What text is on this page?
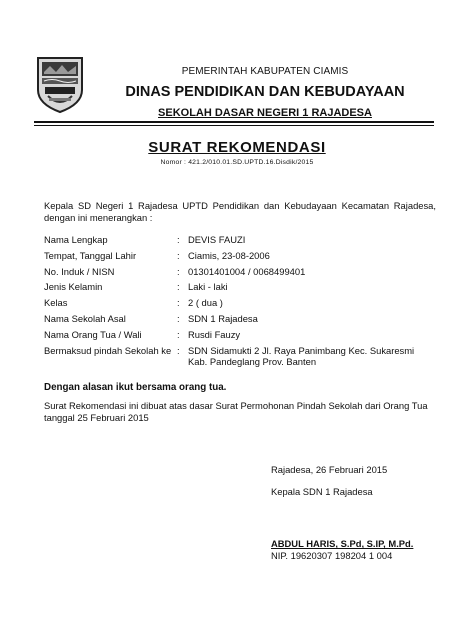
PEMERINTAH KABUPATEN CIAMIS
DINAS PENDIDIKAN DAN KEBUDAYAAN
SEKOLAH DASAR NEGERI 1 RAJADESA
SURAT REKOMENDASI
Nomor : 421.2/010.01.SD.UPTD.16.Disdik/2015
Kepala SD Negeri 1 Rajadesa UPTD Pendidikan dan Kebudayaan Kecamatan Rajadesa, dengan ini menerangkan :
Nama Lengkap	: DEVIS FAUZI
Tempat, Tanggal Lahir	: Ciamis, 23-08-2006
No. Induk / NISN	: 01301401004 / 0068499401
Jenis Kelamin	: Laki - laki
Kelas	: 2 ( dua )
Nama Sekolah Asal	: SDN 1 Rajadesa
Nama Orang Tua / Wali	: Rusdi Fauzy
Bermaksud pindah Sekolah ke : SDN Sidamukti 2 Jl. Raya Panimbang Kec. Sukaresmi Kab. Pandeglang Prov. Banten
Dengan alasan ikut bersama orang tua.
Surat Rekomendasi ini dibuat atas dasar Surat Permohonan Pindah Sekolah dari Orang Tua tanggal 25 Februari 2015
Rajadesa, 26 Februari 2015
Kepala SDN 1 Rajadesa
ABDUL HARIS, S.Pd, S.IP, M.Pd.
NIP. 19620307 198204 1 004
